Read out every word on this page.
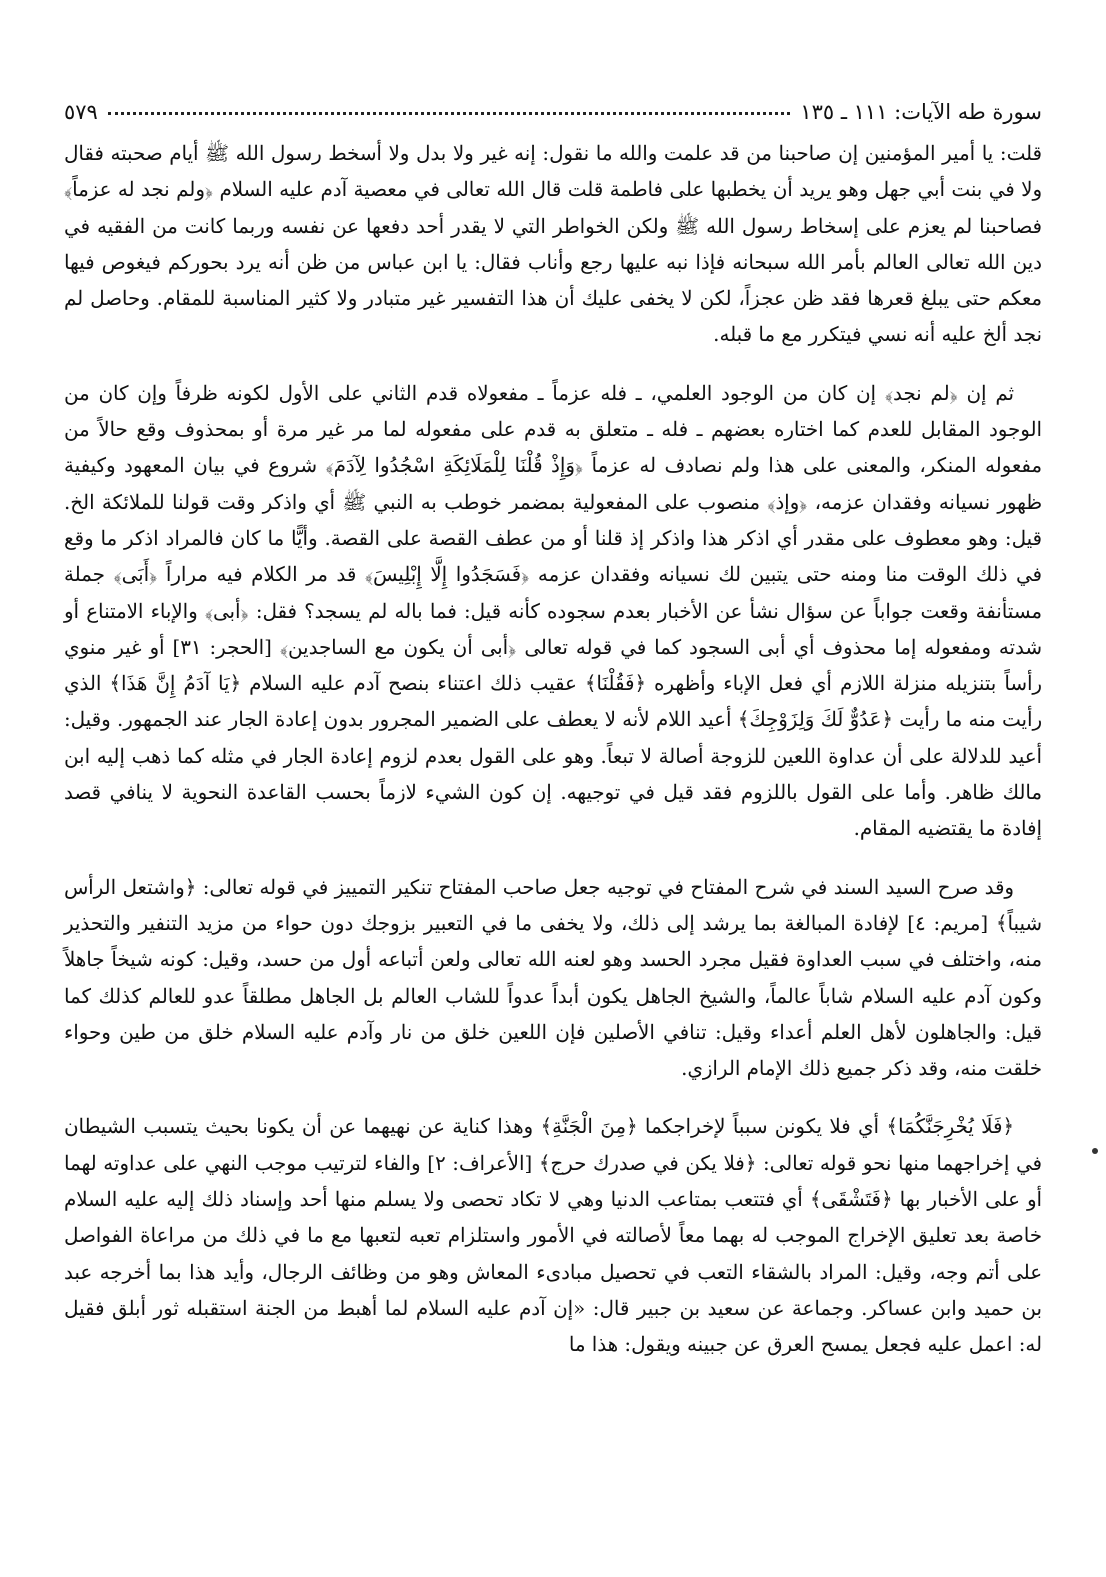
سورة طه الآيات: ١١١ ـ ١٣٥
٥٧٩

قلت: يا أمير المؤمنين إن صاحبنا من قد علمت والله ما نقول: إنه غير ولا بدل ولا أسخط رسول الله ﷺ أيام صحبته فقال ولا في بنت أبي جهل وهو يريد أن يخطبها على فاطمة قلت قال الله تعالى في معصية آدم عليه السلام ﴿ولم نجد له عزماً﴾ فصاحبنا لم يعزم على إسخاط رسول الله ﷺ ولكن الخواطر التي لا يقدر أحد دفعها عن نفسه وربما كانت من الفقيه في دين الله تعالى العالم بأمر الله سبحانه فإذا نبه عليها رجع وأناب فقال: يا ابن عباس من ظن أنه يرد بحوركم فيغوص فيها معكم حتى يبلغ قعرها فقد ظن عجزاً، لكن لا يخفى عليك أن هذا التفسير غير متبادر ولا كثير المناسبة للمقام. وحاصل لم نجد ألخ عليه أنه نسي فيتكرر مع ما قبله.

ثم إن ﴿لم نجد﴾ إن كان من الوجود العلمي، ـ فله عزماً ـ مفعولاه قدم الثاني على الأول لكونه ظرفاً وإن كان من الوجود المقابل للعدم كما اختاره بعضهم ـ فله ـ متعلق به قدم على مفعوله لما مر غير مرة أو بمحذوف وقع حالاً من مفعوله المنكر، والمعنى على هذا ولم نصادف له عزماً ﴿وَإِذْ قُلْنَا لِلْمَلَائِكَةِ اسْجُدُوا لِآدَمَ﴾ شروع في بيان المعهود وكيفية ظهور نسيانه وفقدان عزمه، ﴿وإذ﴾ منصوب على المفعولية بمضمر خوطب به النبي ﷺ أي واذكر وقت قولنا للملائكة الخ. قيل: وهو معطوف على مقدر أي اذكر هذا واذكر إذ قلنا أو من عطف القصة على القصة. وأيًّا ما كان فالمراد اذكر ما وقع في ذلك الوقت منا ومنه حتى يتبين لك نسيانه وفقدان عزمه ﴿فَسَجَدُوا إِلَّا إِبْلِيسَ﴾ قد مر الكلام فيه مراراً ﴿أَبَى﴾ جملة مستأنفة وقعت جواباً عن سؤال نشأ عن الأخبار بعدم سجوده كأنه قيل: فما باله لم يسجد؟ فقل: ﴿أبى﴾ والإباء الامتناع أو شدته ومفعوله إما محذوف أي أبى السجود كما في قوله تعالى ﴿أبى أن يكون مع الساجدين﴾ [الحجر: ٣١] أو غير منوي رأساً بتنزيله منزلة اللازم أي فعل الإباء وأظهره ﴿فَقُلْنَا﴾ عقيب ذلك اعتناء بنصح آدم عليه السلام ﴿يَا آدَمُ إِنَّ هَذَا﴾ الذي رأيت منه ما رأيت ﴿عَدُوٌّ لَكَ وَلِزَوْجِكَ﴾ أعيد اللام لأنه لا يعطف على الضمير المجرور بدون إعادة الجار عند الجمهور. وقيل: أعيد للدلالة على أن عداوة اللعين للزوجة أصالة لا تبعاً. وهو على القول بعدم لزوم إعادة الجار في مثله كما ذهب إليه ابن مالك ظاهر. وأما على القول باللزوم فقد قيل في توجيهه. إن كون الشيء لازماً بحسب القاعدة النحوية لا ينافي قصد إفادة ما يقتضيه المقام.

وقد صرح السيد السند في شرح المفتاح في توجيه جعل صاحب المفتاح تنكير التمييز في قوله تعالى: ﴿واشتعل الرأس شيباً﴾ [مريم: ٤] لإفادة المبالغة بما يرشد إلى ذلك، ولا يخفى ما في التعبير بزوجك دون حواء من مزيد التنفير والتحذير منه، واختلف في سبب العداوة فقيل مجرد الحسد وهو لعنه الله تعالى ولعن أتباعه أول من حسد، وقيل: كونه شيخاً جاهلاً وكون آدم عليه السلام شاباً عالماً، والشيخ الجاهل يكون أبداً عدواً للشاب العالم بل الجاهل مطلقاً عدو للعالم كذلك كما قيل: والجاهلون لأهل العلم أعداء وقيل: تنافي الأصلين فإن اللعين خلق من نار وآدم عليه السلام خلق من طين وحواء خلقت منه، وقد ذكر جميع ذلك الإمام الرازي.

﴿فَلَا يُخْرِجَنَّكُمَا﴾ أي فلا يكونن سبباً لإخراجكما ﴿مِنَ الْجَنَّةِ﴾ وهذا كناية عن نهيهما عن أن يكونا بحيث يتسبب الشيطان في إخراجهما منها نحو قوله تعالى: ﴿فلا يكن في صدرك حرج﴾ [الأعراف: ٢] والفاء لترتيب موجب النهي على عداوته لهما أو على الأخبار بها ﴿فَتَشْقَى﴾ أي فتتعب بمتاعب الدنيا وهي لا تكاد تحصى ولا يسلم منها أحد وإسناد ذلك إليه عليه السلام خاصة بعد تعليق الإخراج الموجب له بهما معاً لأصالته في الأمور واستلزام تعبه لتعبها مع ما في ذلك من مراعاة الفواصل على أتم وجه، وقيل: المراد بالشقاء التعب في تحصيل مبادىء المعاش وهو من وظائف الرجال، وأيد هذا بما أخرجه عبد بن حميد وابن عساكر. وجماعة عن سعيد بن جبير قال: «إن آدم عليه السلام لما أهبط من الجنة استقبله ثور أبلق فقيل له: اعمل عليه فجعل يمسح العرق عن جبينه ويقول: هذا ما
